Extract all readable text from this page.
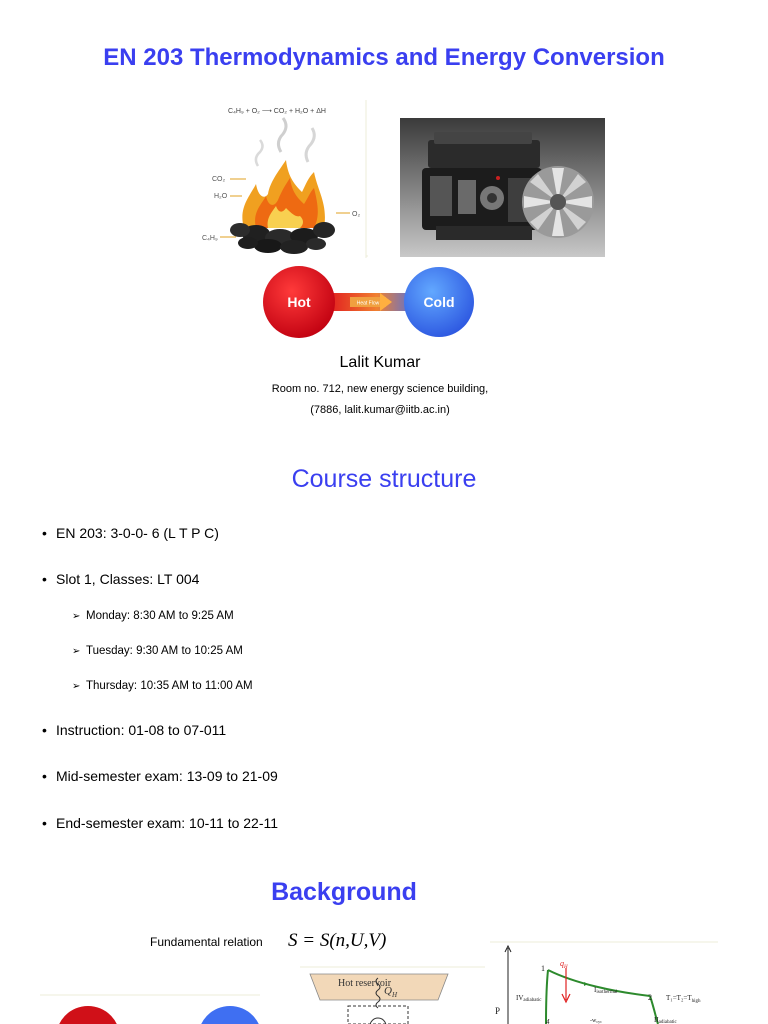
EN 203 Thermodynamics and Energy Conversion
C₄H₉ + O₂ ⟶ CO₂ + H₂O + ΔH
CO₂
H₂O
O₂
C₄H₉
Heat Flow
Hot	Cold
Lalit Kumar
Room no. 712, new energy science building,
(7886, lalit.kumar@iitb.ac.in)
Course structure
• EN 203: 3-0-0- 6 (L T P C)
• Slot 1, Classes: LT 004
➢ Monday: 8:30 AM to 9:25 AM
➢ Tuesday: 9:30 AM to 10:25 AM
➢ Thursday: 10:35 AM to 11:00 AM
• Instruction: 01-08 to 07-011
• Mid-semester exam: 13-09 to 21-09
• End-semester exam: 10-11 to 22-11
Background
Fundamental relation S = S(n,U,V)
Hot reservoir
$Q_H$
P
1
2
$q_H$
Iisothermal
$T_1=T_2=T_{high}$
IVadiabatic
IIadiabatic
4	-wcyc
